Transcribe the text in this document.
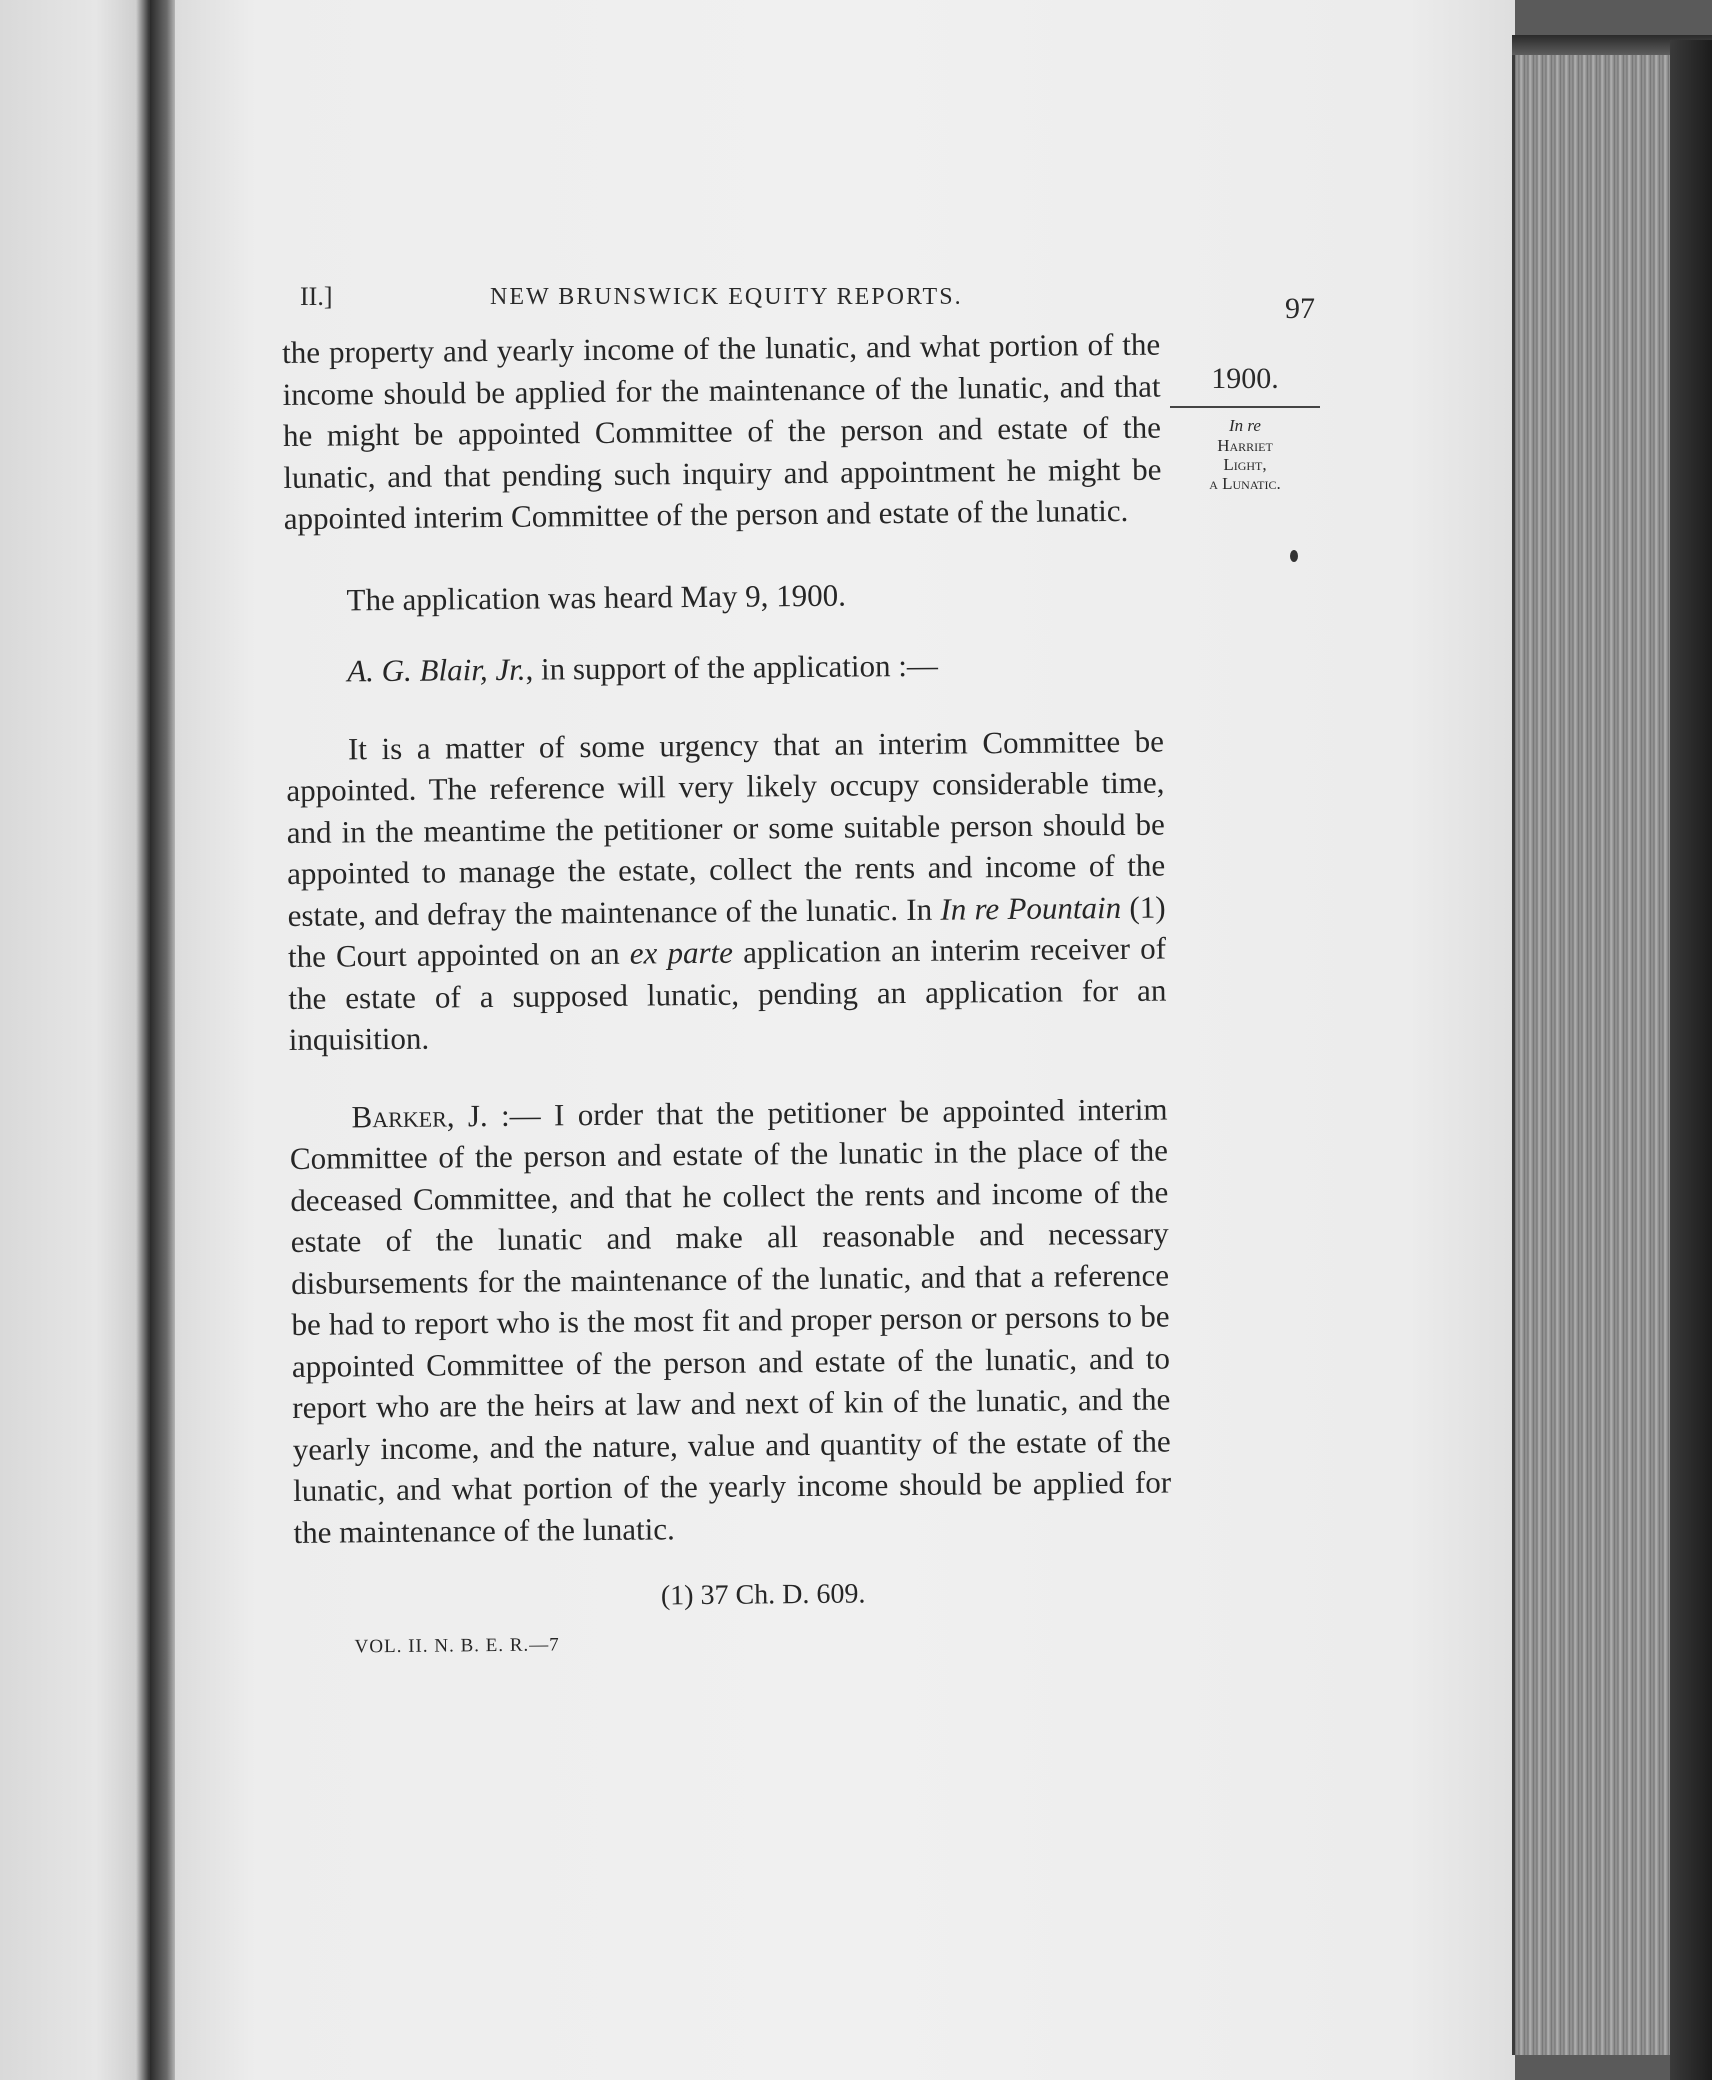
II.]	NEW BRUNSWICK EQUITY REPORTS.	97
1900.
In re
Harriet
Light,
a Lunatic.

the property and yearly income of the lunatic, and what portion of the income should be applied for the maintenance of the lunatic, and that he might be appointed Committee of the person and estate of the lunatic, and that pending such inquiry and appointment he might be appointed interim Committee of the person and estate of the lunatic.

The application was heard May 9, 1900.

A. G. Blair, Jr., in support of the application :—

It is a matter of some urgency that an interim Committee be appointed. The reference will very likely occupy considerable time, and in the meantime the petitioner or some suitable person should be appointed to manage the estate, collect the rents and income of the estate, and defray the maintenance of the lunatic. In In re Pountain (1) the Court appointed on an ex parte application an interim receiver of the estate of a supposed lunatic, pending an application for an inquisition.

Barker, J. :— I order that the petitioner be appointed interim Committee of the person and estate of the lunatic in the place of the deceased Committee, and that he collect the rents and income of the estate of the lunatic and make all reasonable and necessary disbursements for the maintenance of the lunatic, and that a reference be had to report who is the most fit and proper person or persons to be appointed Committee of the person and estate of the lunatic, and to report who are the heirs at law and next of kin of the lunatic, and the yearly income, and the nature, value and quantity of the estate of the lunatic, and what portion of the yearly income should be applied for the maintenance of the lunatic.

(1) 37 Ch. D. 609.
VOL. II. N. B. E. R.—7
